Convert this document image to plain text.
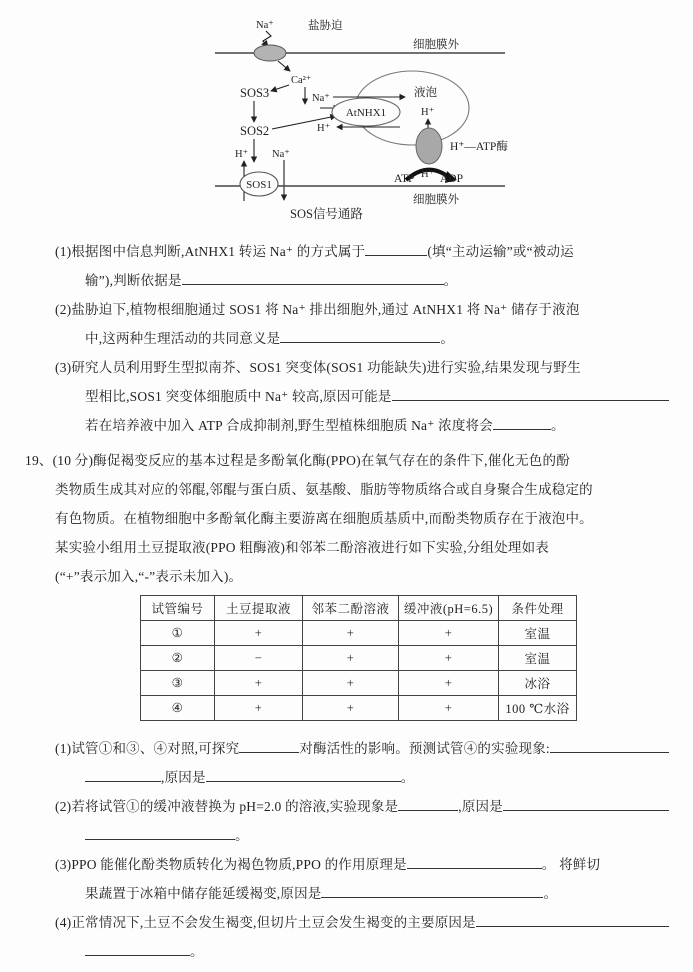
细胞膜外
盐胁迫
Na⁺
Ca²⁺
SOS3
SOS2
液泡
Na⁺
H⁺
AtNHX1	H⁺
H⁺—ATP酶
ATP H⁺ ADP
H⁺ Na⁺
SOS1
细胞膜外
SOS信号通路
(1)根据图中信息判断,AtNHX1 转运 Na⁺ 的方式属于	(填“主动运输”或“被动运
输”),判断依据是	。
(2)盐胁迫下,植物根细胞通过 SOS1 将 Na⁺ 排出细胞外,通过 AtNHX1 将 Na⁺ 储存于液泡
中,这两种生理活动的共同意义是	。
(3)研究人员利用野生型拟南芥、SOS1 突变体(SOS1 功能缺失)进行实验,结果发现与野生
型相比,SOS1 突变体细胞质中 Na⁺ 较高,原因可能是
若在培养液中加入 ATP 合成抑制剂,野生型植株细胞质 Na⁺ 浓度将会	。
19、(10 分)酶促褐变反应的基本过程是多酚氧化酶(PPO)在氧气存在的条件下,催化无色的酚
类物质生成其对应的邻醌,邻醌与蛋白质、氨基酸、脂肪等物质络合或自身聚合生成稳定的
有色物质。在植物细胞中多酚氧化酶主要游离在细胞质基质中,而酚类物质存在于液泡中。
某实验小组用土豆提取液(PPO 粗酶液)和邻苯二酚溶液进行如下实验,分组处理如表
(“+”表示加入,“-”表示未加入)。
试管编号	土豆提取液	邻苯二酚溶液	缓冲液(pH=6.5)	条件处理
①	+	+	+	室温
②	−	+	+	室温
③	+	+	+	冰浴
④	+	+	+	100 ℃水浴
(1)试管①和③、④对照,可探究	对酶活性的影响。预测试管④的实验现象:
,原因是	。
(2)若将试管①的缓冲液替换为 pH=2.0 的溶液,实验现象是	,原因是
。
(3)PPO 能催化酚类物质转化为褐色物质,PPO 的作用原理是	。 将鲜切
果蔬置于冰箱中储存能延缓褐变,原因是	。
(4)正常情况下,土豆不会发生褐变,但切片土豆会发生褐变的主要原因是
。
